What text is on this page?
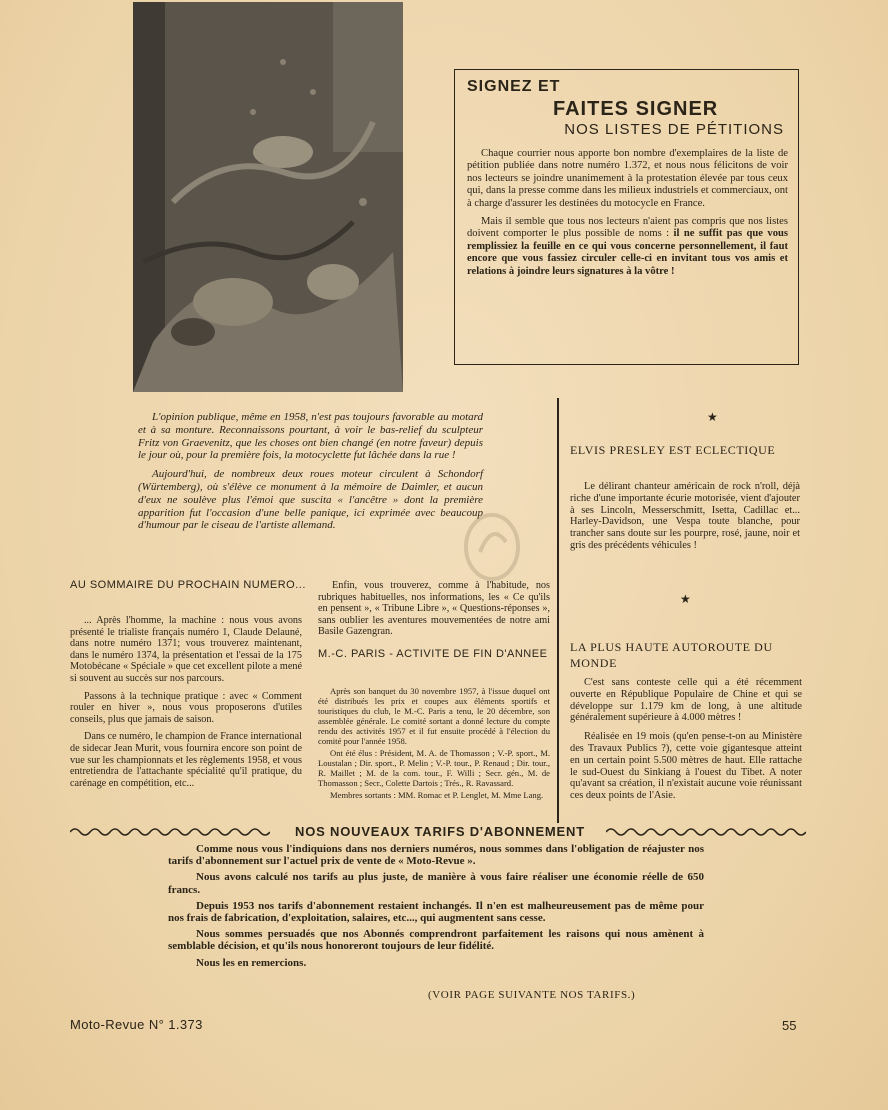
SIGNEZ ET
FAITES SIGNER
NOS LISTES DE PÉTITIONS

Chaque courrier nous apporte bon nombre d'exemplaires de la liste de pétition publiée dans notre numéro 1.372, et nous nous félicitons de voir nos lecteurs se joindre unanimement à la protestation élevée par tous ceux qui, dans la presse comme dans les milieux industriels et commerciaux, ont à charge d'assurer les destinées du motocycle en France.

Mais il semble que tous nos lecteurs n'aient pas compris que nos listes doivent comporter le plus possible de noms : il ne suffit pas que vous remplissiez la feuille en ce qui vous concerne personnellement, il faut encore que vous fassiez circuler celle-ci en invitant tous vos amis et relations à joindre leurs signatures à la vôtre !

L'opinion publique, même en 1958, n'est pas toujours favorable au motard et à sa monture. Reconnaissons pourtant, à voir le bas-relief du sculpteur Fritz von Graevenitz, que les choses ont bien changé (en notre faveur) depuis le jour où, pour la première fois, la motocyclette fut lâchée dans la rue !

Aujourd'hui, de nombreux deux roues moteur circulent à Schondorf (Würtemberg), où s'élève ce monument à la mémoire de Daimler, et aucun d'eux ne soulève plus l'émoi que suscita « l'ancêtre » dont la première apparition fut l'occasion d'une belle panique, ici exprimée avec beaucoup d'humour par le ciseau de l'artiste allemand.

★
ELVIS PRESLEY EST ECLECTIQUE

Le délirant chanteur américain de rock n'roll, déjà riche d'une importante écurie motorisée, vient d'ajouter à ses Lincoln, Messerschmitt, Isetta, Cadillac et... Harley-Davidson, une Vespa toute blanche, pour trancher sans doute sur les pourpre, rosé, jaune, noir et gris des précédents véhicules !

★
LA PLUS HAUTE AUTOROUTE DU MONDE

C'est sans conteste celle qui a été récemment ouverte en République Populaire de Chine et qui se développe sur 1.179 km de long, à une altitude généralement supérieure à 4.000 mètres !

Réalisée en 19 mois (qu'en pense-t-on au Ministère des Travaux Publics ?), cette voie gigantesque atteint en un certain point 5.500 mètres de haut. Elle rattache le sud-Ouest du Sinkiang à l'ouest du Tibet. A noter qu'avant sa création, il n'existait aucune voie réunissant ces deux points de l'Asie.

AU SOMMAIRE DU PROCHAIN NUMERO...

... Après l'homme, la machine : nous vous avons présenté le trialiste français numéro 1, Claude Delauné, dans notre numéro 1371; vous trouverez maintenant, dans le numéro 1374, la présentation et l'essai de la 175 Motobécane « Spéciale » que cet excellent pilote a mené si souvent au succès sur nos parcours.

Passons à la technique pratique : avec « Comment rouler en hiver », nous vous proposerons d'utiles conseils, plus que jamais de saison.

Dans ce numéro, le champion de France international de sidecar Jean Murit, vous fournira encore son point de vue sur les championnats et les règlements 1958, et vous entretiendra de l'attachante spécialité qu'il pratique, du carénage en compétition, etc...

Enfin, vous trouverez, comme à l'habitude, nos rubriques habituelles, nos informations, les « Ce qu'ils en pensent », « Tribune Libre », « Questions-réponses », sans oublier les aventures mouvementées de notre ami Basile Gazengran.

M.-C. PARIS - ACTIVITE DE FIN D'ANNEE

Après son banquet du 30 novembre 1957, à l'issue duquel ont été distribués les prix et coupes aux éléments sportifs et touristiques du club, le M.-C. Paris a tenu, le 20 décembre, son assemblée générale. Le comité sortant a donné lecture du compte rendu des activités 1957 et il fut ensuite procédé à l'élection du comité pour l'année 1958.

Ont été élus : Président, M. A. de Thomasson ; V.-P. sport., M. Loustalan ; Dir. sport., P. Melin ; V.-P. tour., P. Renaud ; Dir. tour., R. Maillet ; M. de la com. tour., F. Willi ; Secr. gén., M. de Thomasson ; Secr., Colette Dartois ; Trés., R. Ravassard.

Membres sortants : MM. Romac et P. Lenglet, M. Mme Lang.

NOS NOUVEAUX TARIFS D'ABONNEMENT

Comme nous vous l'indiquions dans nos derniers numéros, nous sommes dans l'obligation de réajuster nos tarifs d'abonnement sur l'actuel prix de vente de « Moto-Revue ».

Nous avons calculé nos tarifs au plus juste, de manière à vous faire réaliser une économie réelle de 650 francs.

Depuis 1953 nos tarifs d'abonnement restaient inchangés. Il n'en est malheureusement pas de même pour nos frais de fabrication, d'exploitation, salaires, etc..., qui augmentent sans cesse.

Nous sommes persuadés que nos Abonnés comprendront parfaitement les raisons qui nous amènent à semblable décision, et qu'ils nous honoreront toujours de leur fidélité.

Nous les en remercions.

(VOIR PAGE SUIVANTE NOS TARIFS.)
Moto-Revue N° 1.373	55
